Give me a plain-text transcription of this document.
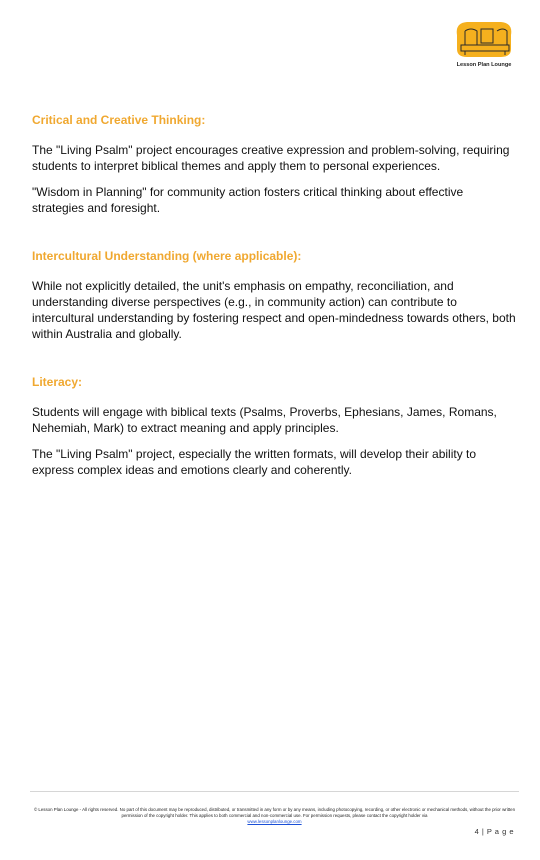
Lesson Plan Lounge
Critical and Creative Thinking:

The "Living Psalm" project encourages creative expression and problem-solving, requiring students to interpret biblical themes and apply them to personal experiences.

"Wisdom in Planning" for community action fosters critical thinking about effective strategies and foresight.

Intercultural Understanding (where applicable):

While not explicitly detailed, the unit's emphasis on empathy, reconciliation, and understanding diverse perspectives (e.g., in community action) can contribute to intercultural understanding by fostering respect and open-mindedness towards others, both within Australia and globally.

Literacy:

Students will engage with biblical texts (Psalms, Proverbs, Ephesians, James, Romans, Nehemiah, Mark) to extract meaning and apply principles.

The "Living Psalm" project, especially the written formats, will develop their ability to express complex ideas and emotions clearly and coherently.

© Lesson Plan Lounge - All rights reserved. No part of this document may be reproduced, distributed, or transmitted in any form or by any means, including photocopying, recording, or other electronic or mechanical methods, without the prior written permission of the copyright holder. This applies to both commercial and non-commercial use. For permission requests, please contact the copyright holder via
www.lessonplanlounge.com
4 | P a g e
